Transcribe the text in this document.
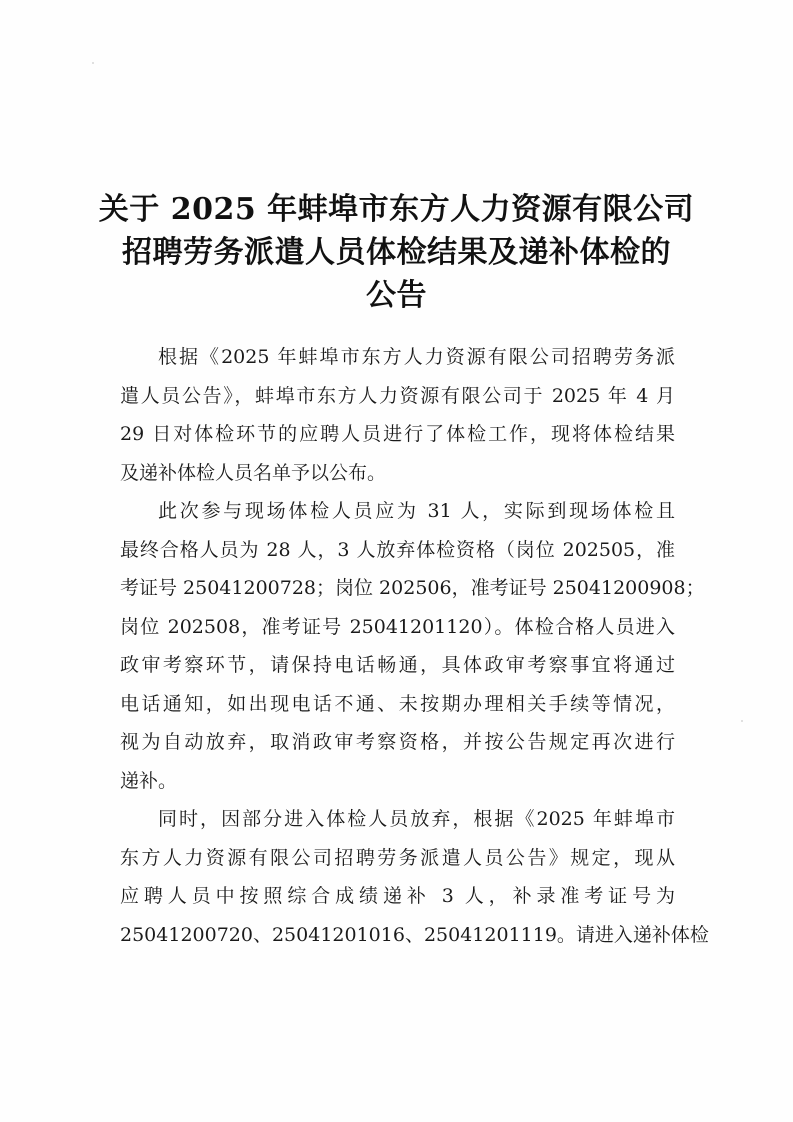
关于 2025 年蚌埠市东方人力资源有限公司
招聘劳务派遣人员体检结果及递补体检的
公告

根据《2025 年蚌埠市东方人力资源有限公司招聘劳务派
遣人员公告》，蚌埠市东方人力资源有限公司于 2025 年 4 月
29 日对体检环节的应聘人员进行了体检工作，现将体检结果
及递补体检人员名单予以公布。

此次参与现场体检人员应为 31 人，实际到现场体检且
最终合格人员为 28 人，3 人放弃体检资格（岗位 202505，准
考证号 25041200728；岗位 202506，准考证号 25041200908；
岗位 202508，准考证号 25041201120）。体检合格人员进入
政审考察环节，请保持电话畅通，具体政审考察事宜将通过
电话通知，如出现电话不通、未按期办理相关手续等情况，
视为自动放弃，取消政审考察资格，并按公告规定再次进行
递补。

同时，因部分进入体检人员放弃，根据《2025 年蚌埠市
东方人力资源有限公司招聘劳务派遣人员公告》规定，现从
应聘人员中按照综合成绩递补 3 人，补录准考证号为
25041200720、25041201016、25041201119。请进入递补体检
